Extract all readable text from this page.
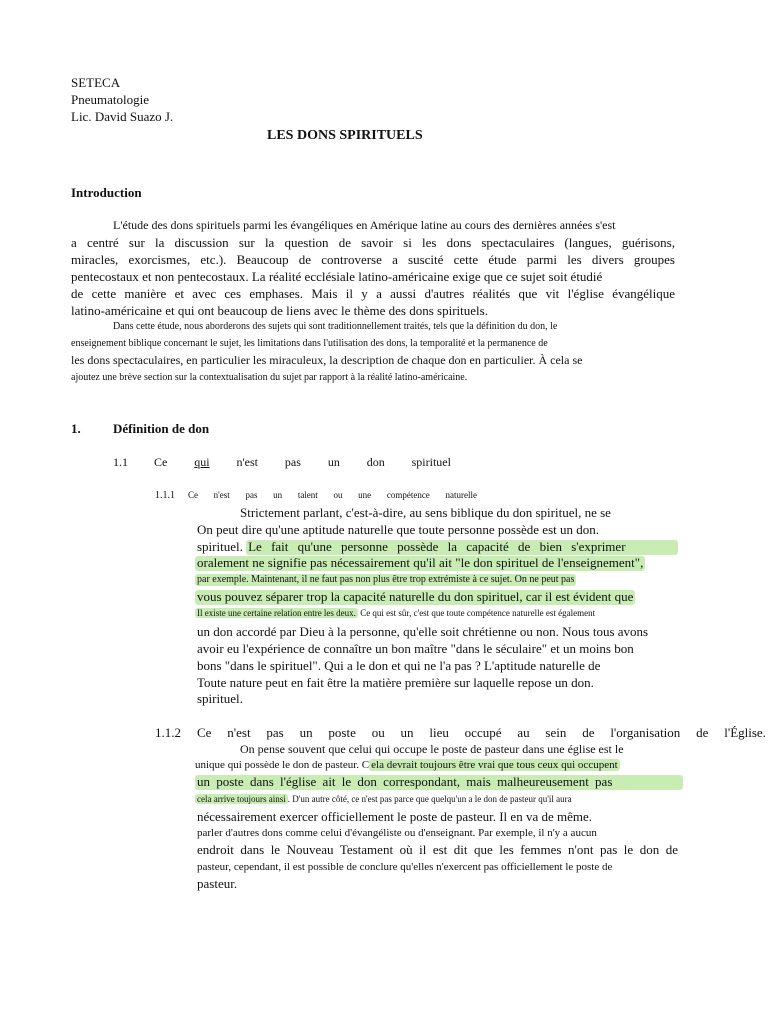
SETECA
Pneumatologie
Lic. David Suazo J.
LES DONS SPIRITUELS
Introduction
L'étude des dons spirituels parmi les évangéliques en Amérique latine au cours des dernières années s'est
a centré sur la discussion sur la question de savoir si les dons spectaculaires (langues, guérisons,
miracles, exorcismes, etc.). Beaucoup de controverse a suscité cette étude parmi les divers groupes
pentecostaux et non pentecostaux. La réalité ecclésiale latino-américaine exige que ce sujet soit étudié
de cette manière et avec ces emphases. Mais il y a aussi d'autres réalités que vit l'église évangélique
latino-américaine et qui ont beaucoup de liens avec le thème des dons spirituels.
Dans cette étude, nous aborderons des sujets qui sont traditionnellement traités, tels que la définition du don, le
enseignement biblique concernant le sujet, les limitations dans l'utilisation des dons, la temporalité et la permanence de
les dons spectaculaires, en particulier les miraculeux, la description de chaque don en particulier. À cela se
ajoutez une brève section sur la contextualisation du sujet par rapport à la réalité latino-américaine.
1. Définition de don
1.1 Ce qui n'est pas un don spirituel
1.1.1 Ce n'est pas un talent ou une compétence naturelle
Strictement parlant, c'est-à-dire, au sens biblique du don spirituel, ne se
On peut dire qu'une aptitude naturelle que toute personne possède est un don.
spirituel. Le fait qu'une personne possède la capacité de bien s'exprimer
oralement ne signifie pas nécessairement qu'il ait "le don spirituel de l'enseignement",
par exemple. Maintenant, il ne faut pas non plus être trop extrémiste à ce sujet. On ne peut pas
vous pouvez séparer trop la capacité naturelle du don spirituel, car il est évident que
Il existe une certaine relation entre les deux. Ce qui est sûr, c'est que toute compétence naturelle est également
un don accordé par Dieu à la personne, qu'elle soit chrétienne ou non. Nous tous avons
avoir eu l'expérience de connaître un bon maître "dans le séculaire" et un moins bon
bons "dans le spirituel". Qui a le don et qui ne l'a pas ? L'aptitude naturelle de
Toute nature peut en fait être la matière première sur laquelle repose un don.
spirituel.
1.1.2 Ce n'est pas un poste ou un lieu occupé au sein de l'organisation de l'Église.
On pense souvent que celui qui occupe le poste de pasteur dans une église est le
unique qui possède le don de pasteur. C ela devrait toujours être vrai que tous ceux qui occupent
un poste dans l'église ait le don correspondant, mais malheureusement pas
cela arrive toujours ainsi . D'un autre côté, ce n'est pas parce que quelqu'un a le don de pasteur qu'il aura
nécessairement exercer officiellement le poste de pasteur. Il en va de même.
parler d'autres dons comme celui d'évangéliste ou d'enseignant. Par exemple, il n'y a aucun
endroit dans le Nouveau Testament où il est dit que les femmes n'ont pas le don de
pasteur, cependant, il est possible de conclure qu'elles n'exercent pas officiellement le poste de
pasteur.
